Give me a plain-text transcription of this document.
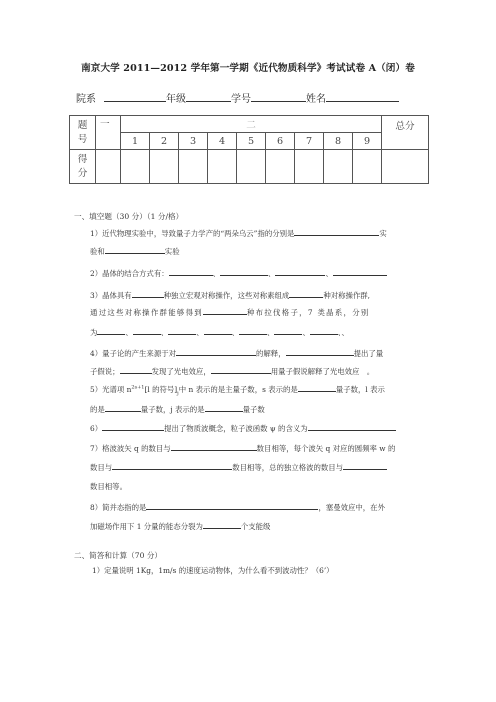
南京大学 2011—2012 学年第一学期《近代物质科学》考试试卷 A（闭）卷
院系	年级	学号	姓名
题
号	一	二									总分
		1	2	3	4	5	6	7	8	9	
得
分											
一、填空题（30 分）（1 分/格）
1）近代物理实验中，导致量子力学产的“两朵乌云”指的分别是	实
验和	实验
2）晶体的结合方式有：	、	、	、
3）晶体具有	种独立宏观对称操作，这些对称素组成	种对称操作群,
通过这些对称操作群能够得到	种布拉伐格子，7 类晶系，分别
为	、	、	、	、	、	、	、、
4）量子论的产生来源于对	的解释，	提出了量
子假说；	发现了光电效应，	用量子假说解释了光电效应　。
5）光谱项 $n^{2s+1}[l$ 的符号]$_j$中 n 表示的是主量子数，s 表示的是	量子数，l 表示
的是	量子数，j 表示的是	量子数
6）	提出了物质波概念，粒子波函数 ψ 的含义为
7）格波波矢 q 的数目与	数目相等，每个波矢 q 对应的圆频率 w 的
数目与	数目相等，总的独立格波的数目与
数目相等。
8）简并态指的是	，塞曼效应中，在外
加磁场作用下 1 分量的能态分裂为	个支能级
二、简答和计算（70 分）
1）定量说明 1Kg，1m/s 的速度运动物体，为什么看不到波动性？（6’）
